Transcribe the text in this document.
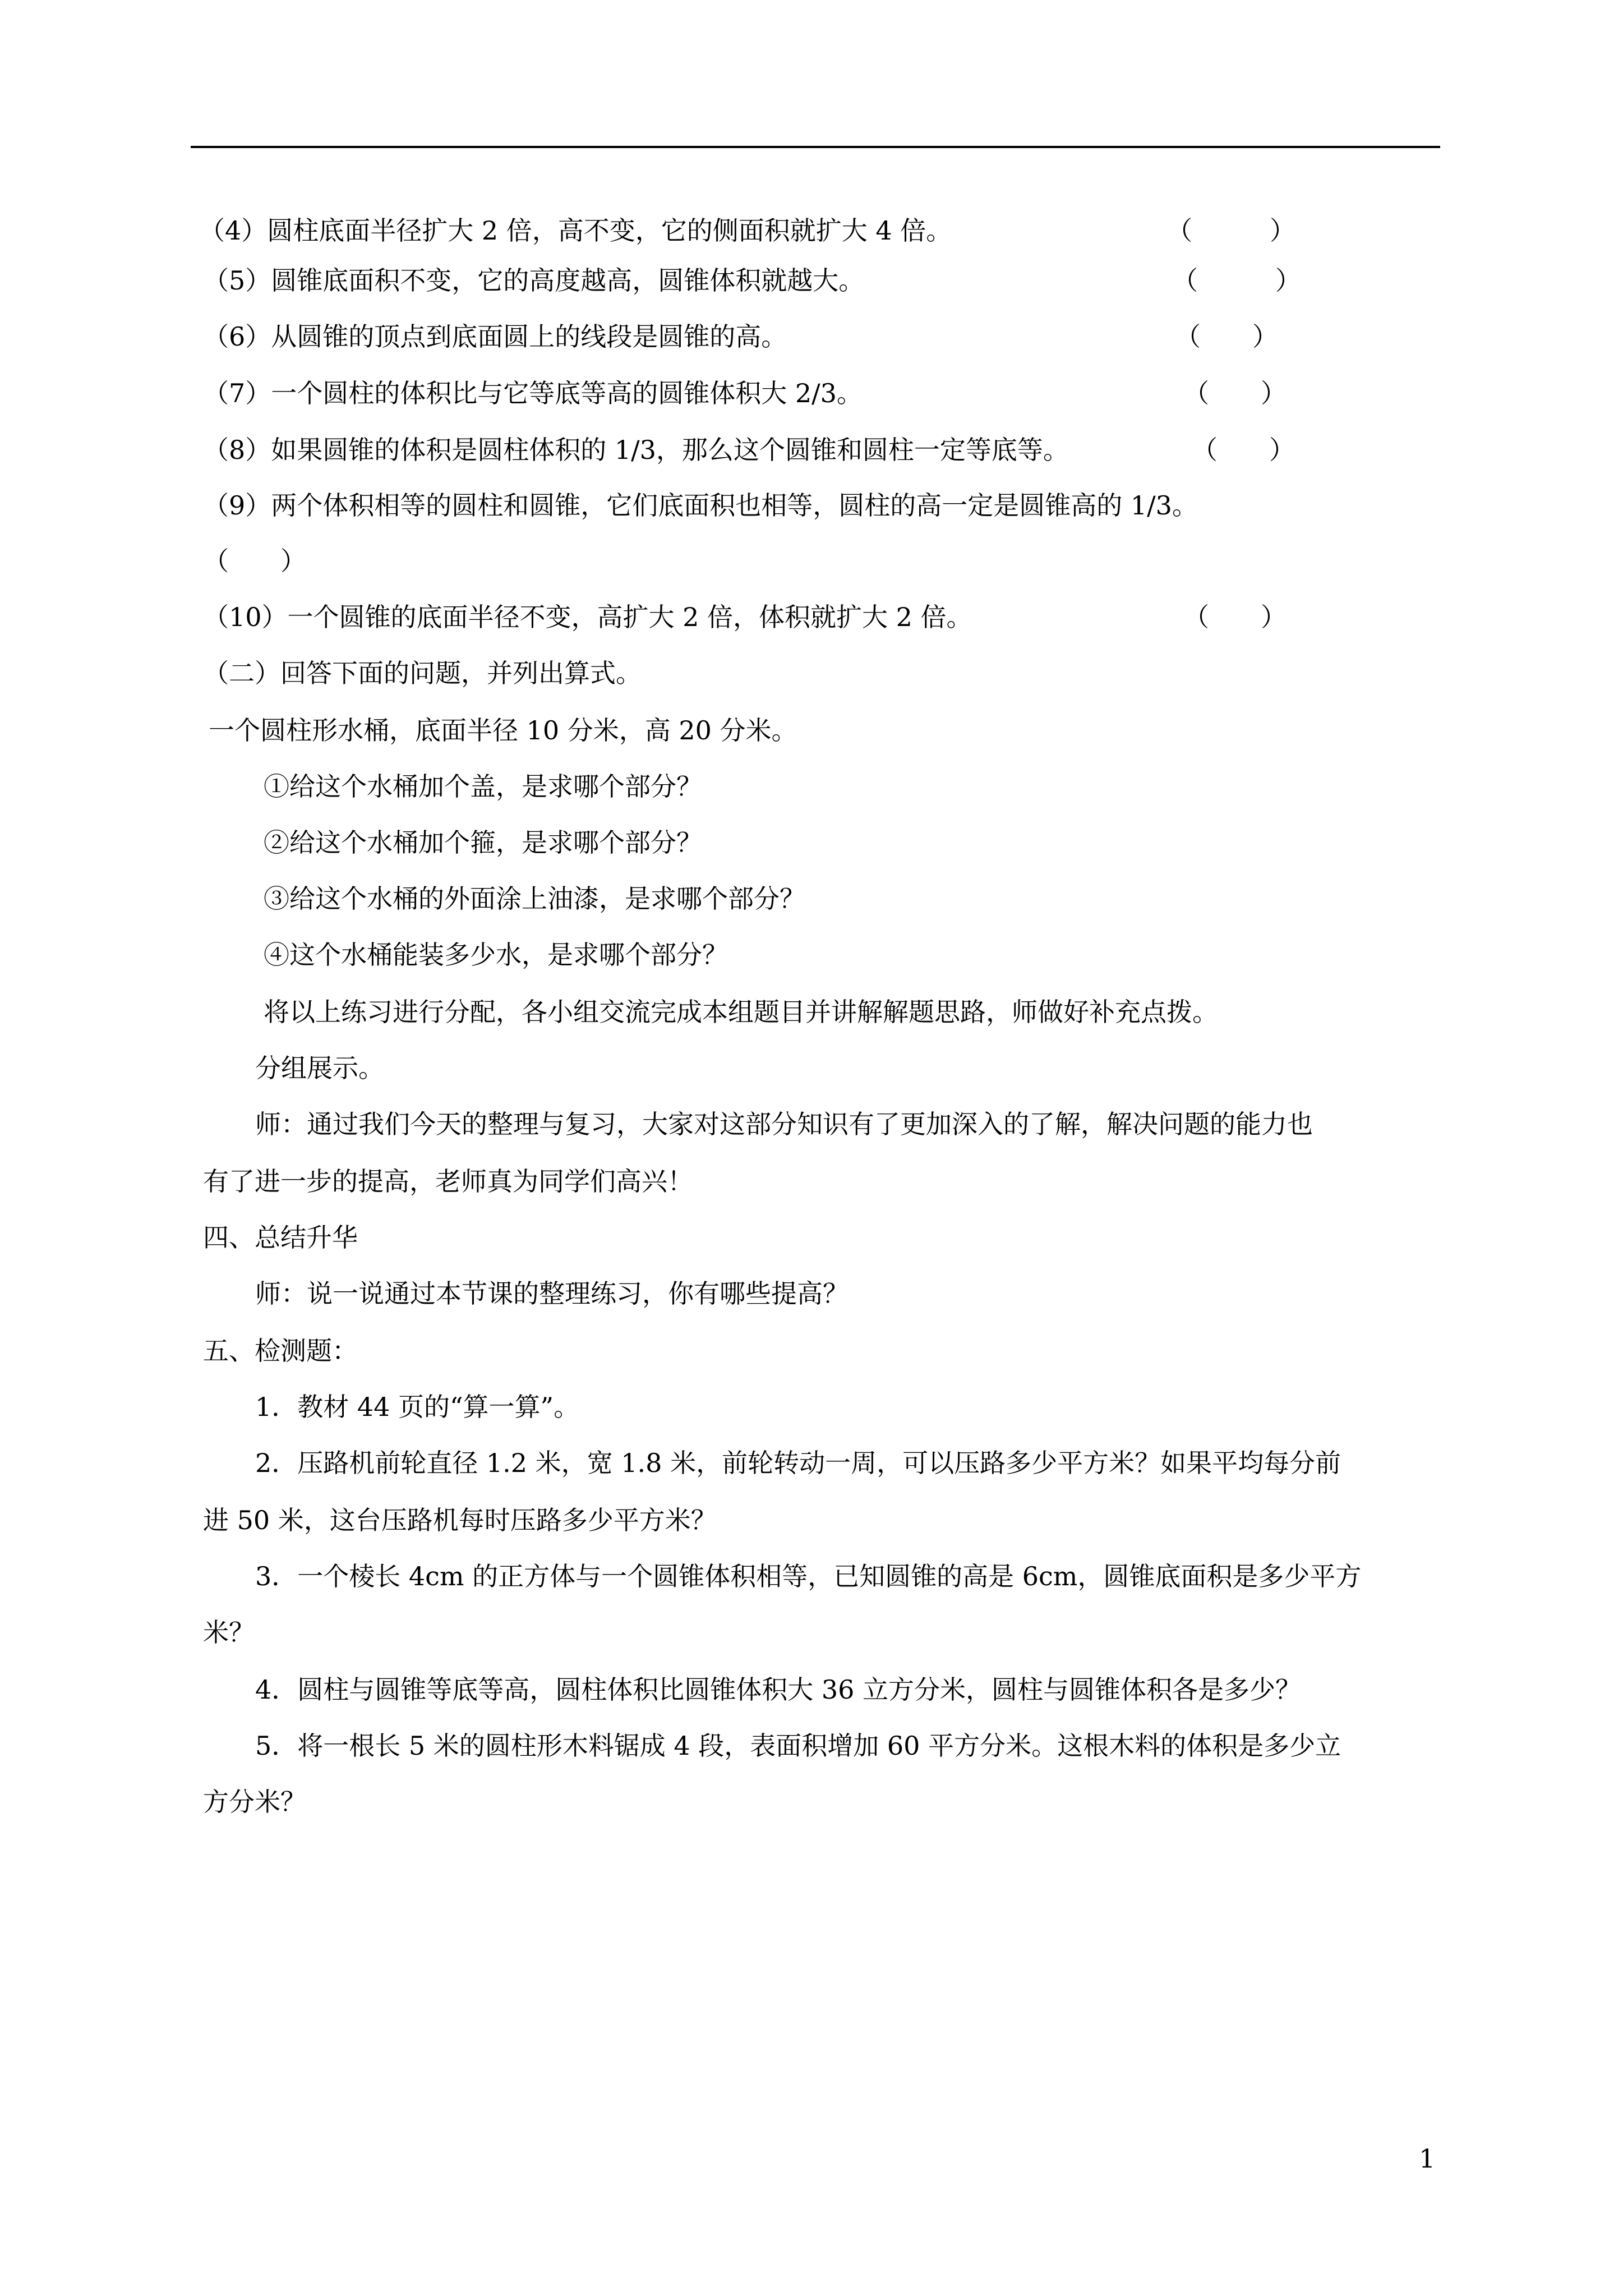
（4）圆柱底面半径扩大 2 倍，高不变，它的侧面积就扩大 4 倍。	（　　　）
（5）圆锥底面积不变，它的高度越高，圆锥体积就越大。	（　　　）
（6）从圆锥的顶点到底面圆上的线段是圆锥的高。	（　　）
（7）一个圆柱的体积比与它等底等高的圆锥体积大 2/3。	（　　）
（8）如果圆锥的体积是圆柱体积的 1/3，那么这个圆锥和圆柱一定等底等。	（　　）
（9）两个体积相等的圆柱和圆锥，它们底面积也相等，圆柱的高一定是圆锥高的 1/3。
（　　）
（10）一个圆锥的底面半径不变，高扩大 2 倍，体积就扩大 2 倍。	（　　）
（二）回答下面的问题，并列出算式。
一个圆柱形水桶，底面半径 10 分米，高 20 分米。
①给这个水桶加个盖，是求哪个部分？
②给这个水桶加个箍，是求哪个部分？
③给这个水桶的外面涂上油漆，是求哪个部分？
④这个水桶能装多少水，是求哪个部分？
将以上练习进行分配，各小组交流完成本组题目并讲解解题思路，师做好补充点拨。
分组展示。
师：通过我们今天的整理与复习，大家对这部分知识有了更加深入的了解，解决问题的能力也
有了进一步的提高，老师真为同学们高兴！
四、总结升华
师：说一说通过本节课的整理练习，你有哪些提高？
五、检测题：
1．教材 44 页的“算一算”。
2．压路机前轮直径 1.2 米，宽 1.8 米，前轮转动一周，可以压路多少平方米？如果平均每分前
进 50 米，这台压路机每时压路多少平方米？
3．一个棱长 4cm 的正方体与一个圆锥体积相等，已知圆锥的高是 6cm，圆锥底面积是多少平方
米？
4．圆柱与圆锥等底等高，圆柱体积比圆锥体积大 36 立方分米，圆柱与圆锥体积各是多少？
5．将一根长 5 米的圆柱形木料锯成 4 段，表面积增加 60 平方分米。这根木料的体积是多少立
方分米？
1
